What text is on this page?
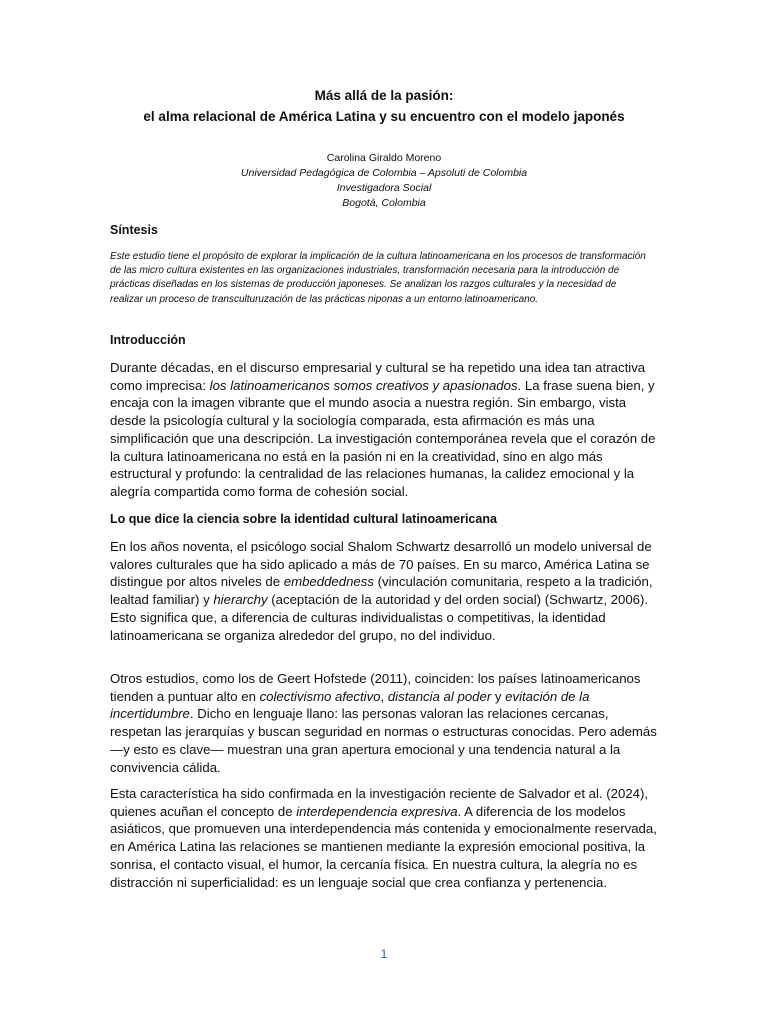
Más allá de la pasión:
el alma relacional de América Latina y su encuentro con el modelo japonés
Carolina Giraldo Moreno
Universidad Pedagógica de Colombia – Apsoluti de Colombia
Investigadora Social
Bogotá, Colombia
Síntesis
Este estudio tiene el propósito de explorar la implicación de la cultura latinoamericana en los procesos de transformación de las micro cultura existentes en las organizaciones industriales, transformación necesaria para la introducción de prácticas diseñadas en los sistemas de producción japoneses. Se analizan los razgos culturales y la necesidad de realizar un proceso de transculturuzación de las prácticas niponas a un entorno latinoamericano.
Introducción
Durante décadas, en el discurso empresarial y cultural se ha repetido una idea tan atractiva como imprecisa: los latinoamericanos somos creativos y apasionados. La frase suena bien, y encaja con la imagen vibrante que el mundo asocia a nuestra región. Sin embargo, vista desde la psicología cultural y la sociología comparada, esta afirmación es más una simplificación que una descripción. La investigación contemporánea revela que el corazón de la cultura latinoamericana no está en la pasión ni en la creatividad, sino en algo más estructural y profundo: la centralidad de las relaciones humanas, la calidez emocional y la alegría compartida como forma de cohesión social.
Lo que dice la ciencia sobre la identidad cultural latinoamericana
En los años noventa, el psicólogo social Shalom Schwartz desarrolló un modelo universal de valores culturales que ha sido aplicado a más de 70 países. En su marco, América Latina se distingue por altos niveles de embeddedness (vinculación comunitaria, respeto a la tradición, lealtad familiar) y hierarchy (aceptación de la autoridad y del orden social) (Schwartz, 2006). Esto significa que, a diferencia de culturas individualistas o competitivas, la identidad latinoamericana se organiza alrededor del grupo, no del individuo.
Otros estudios, como los de Geert Hofstede (2011), coinciden: los países latinoamericanos tienden a puntuar alto en colectivismo afectivo, distancia al poder y evitación de la incertidumbre. Dicho en lenguaje llano: las personas valoran las relaciones cercanas, respetan las jerarquías y buscan seguridad en normas o estructuras conocidas. Pero además —y esto es clave— muestran una gran apertura emocional y una tendencia natural a la convivencia cálida.
Esta característica ha sido confirmada en la investigación reciente de Salvador et al. (2024), quienes acuñan el concepto de interdependencia expresiva. A diferencia de los modelos asiáticos, que promueven una interdependencia más contenida y emocionalmente reservada, en América Latina las relaciones se mantienen mediante la expresión emocional positiva, la sonrisa, el contacto visual, el humor, la cercanía física. En nuestra cultura, la alegría no es distracción ni superficialidad: es un lenguaje social que crea confianza y pertenencia.
1
